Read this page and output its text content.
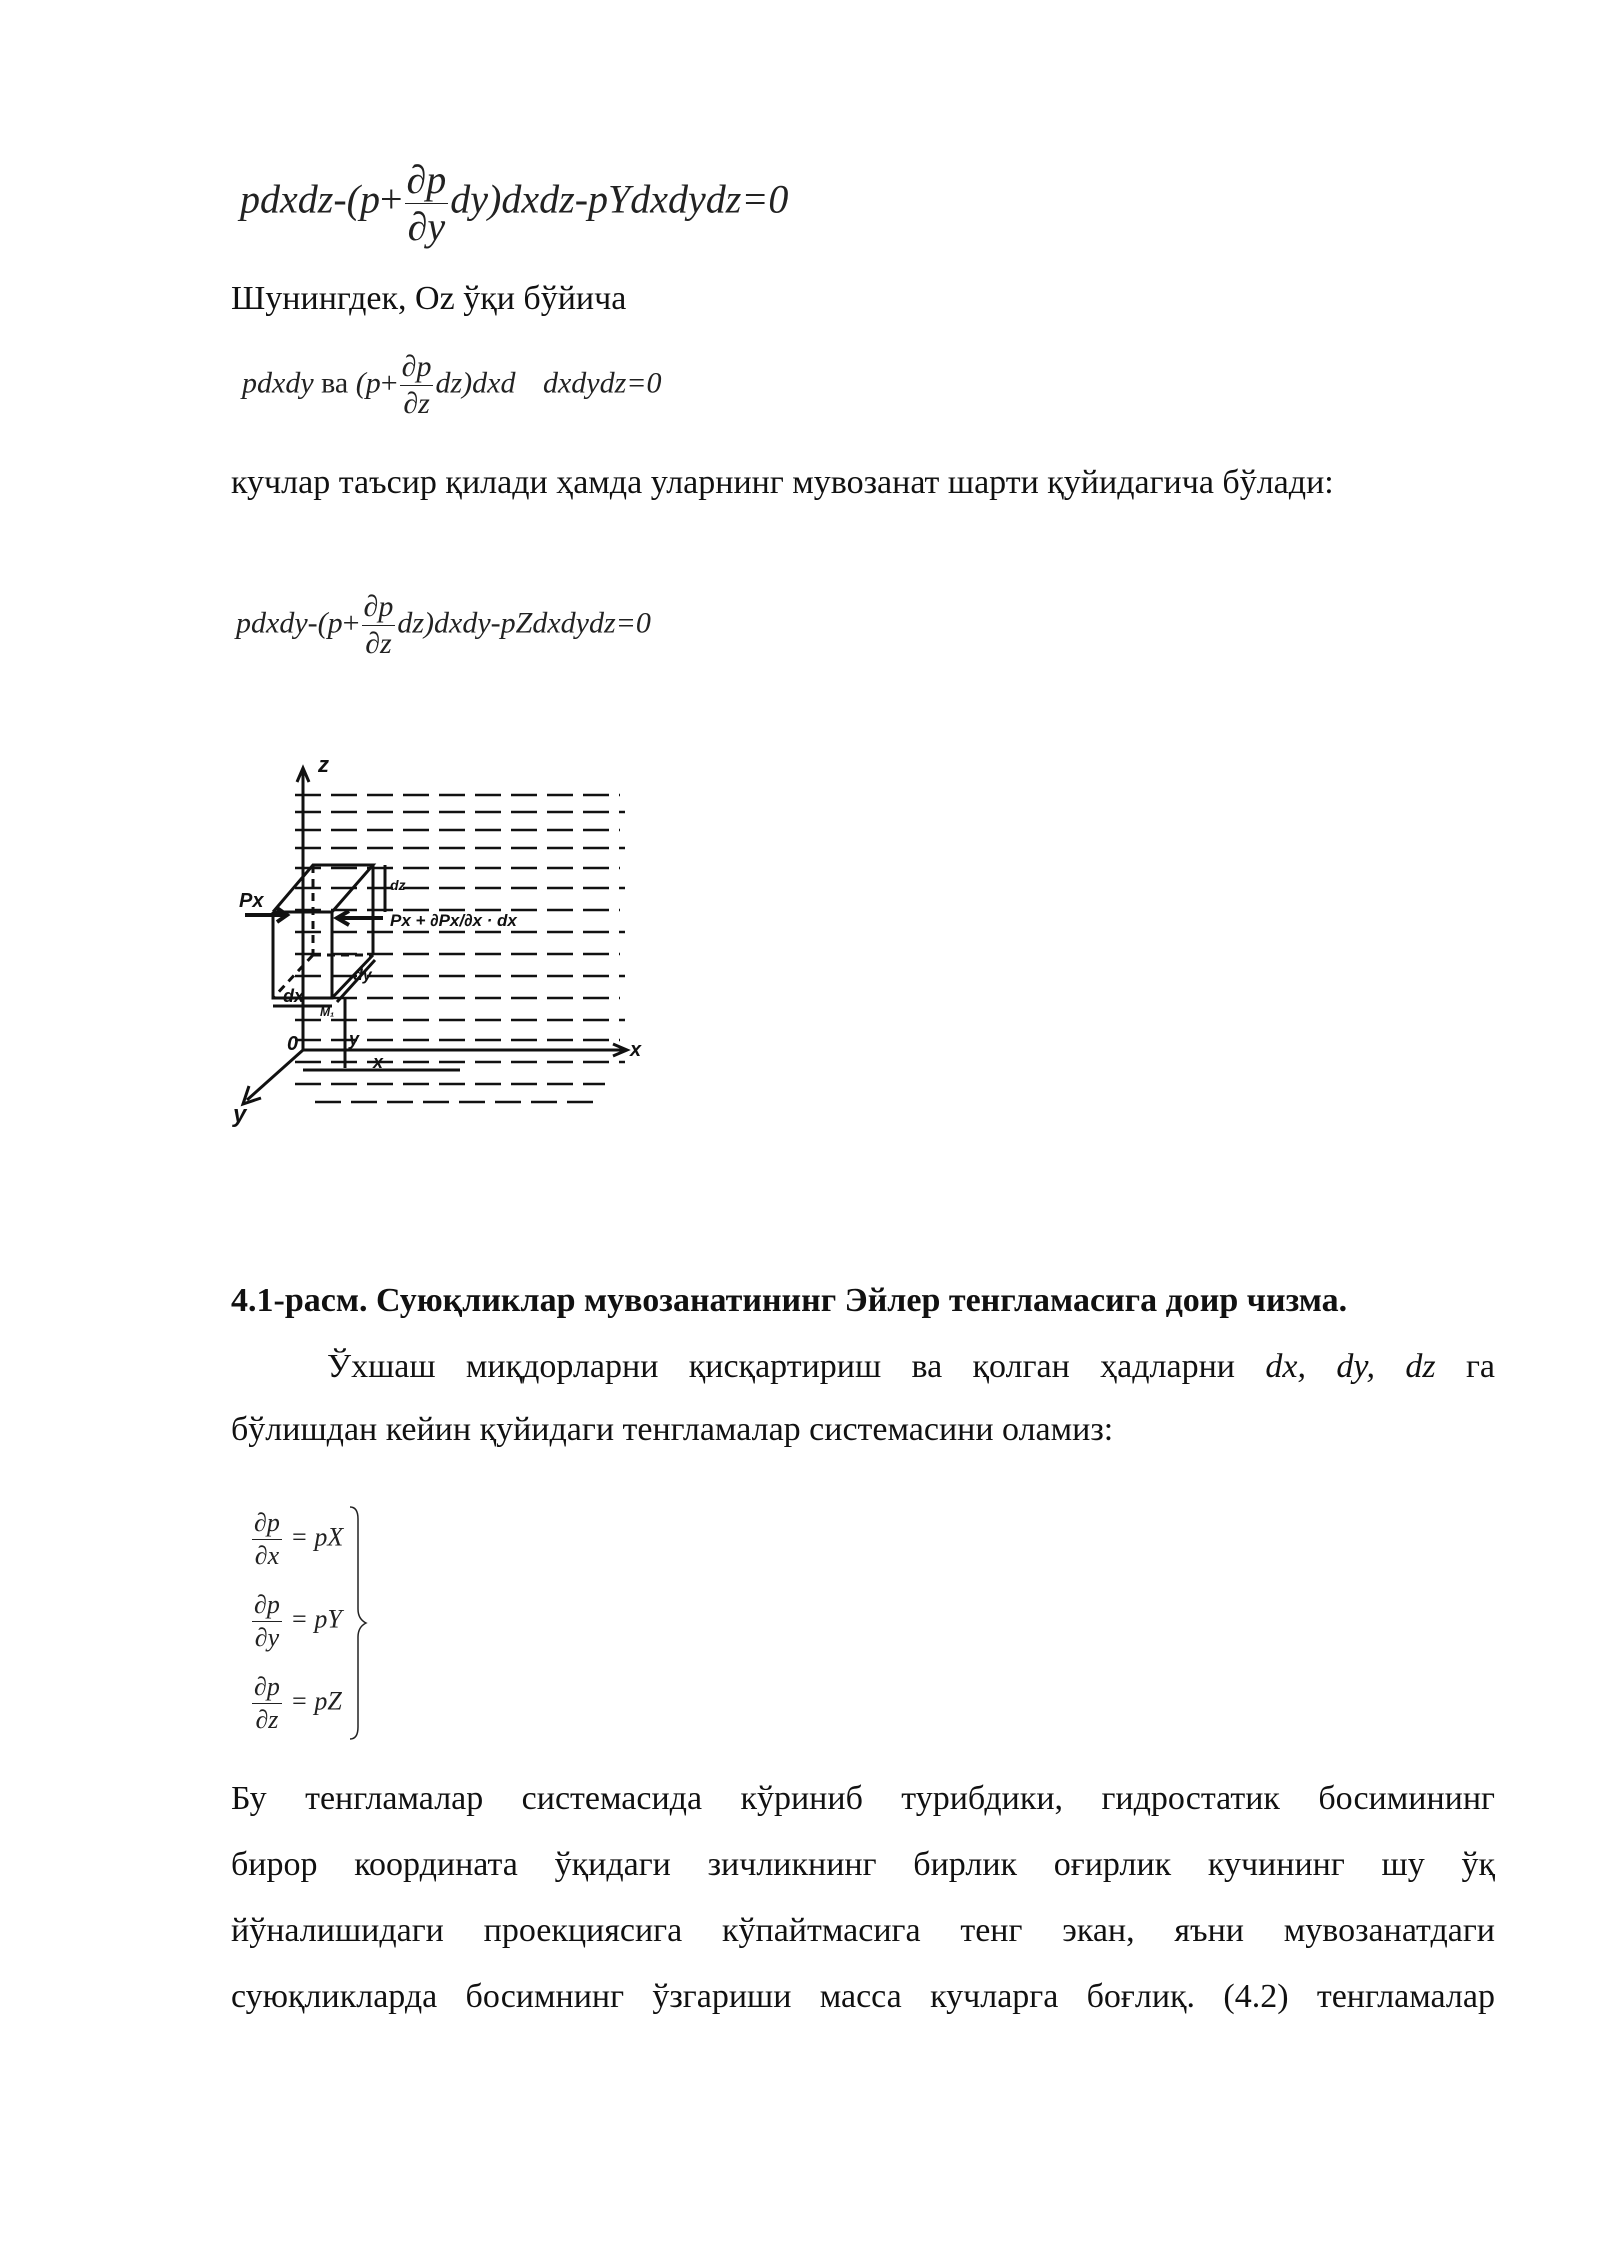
pdxdz-(p+ $\frac{\partial p}{\partial y}$ dy)dxdz-pYdxdydz=0
Шунингдек, Oz ўқи бўйича
pdxdy ва $(p+ \frac{\partial p}{\partial z} dz)dxd$ dxdydz=0
кучлар таъсир қилади ҳамда уларнинг мувозанат шарти қуйидагича бўлади:
pdxdy-(p+ $\frac{\partial p}{\partial z}$ dz)dxdy-pZdxdydz=0
z
x
y
0
Px
Px + ∂Px/∂x · dx
dx
dy
dz
x
y
M₁
4.1-расм. Суюқликлар мувозанатининг Эйлер тенгламасига доир чизма.
Ўхшаш миқдорларни қисқартириш ва қолган ҳадларни dx, dy, dz га
бўлишдан кейин қуйидаги тенгламалар системасини оламиз:
$\frac{\partial p}{\partial x}$ = pX
$\frac{\partial p}{\partial y}$ = pY
$\frac{\partial p}{\partial z}$ = pZ
Бу тенгламалар системасида кўриниб турибдики, гидростатик босимининг
бирор координата ўқидаги зичликнинг бирлик оғирлик кучининг шу ўқ
йўналишидаги проекциясига кўпайтмасига тенг экан, яъни мувозанатдаги
суюқликларда босимнинг ўзгариши масса кучларга боғлиқ. (4.2) тенгламалар
